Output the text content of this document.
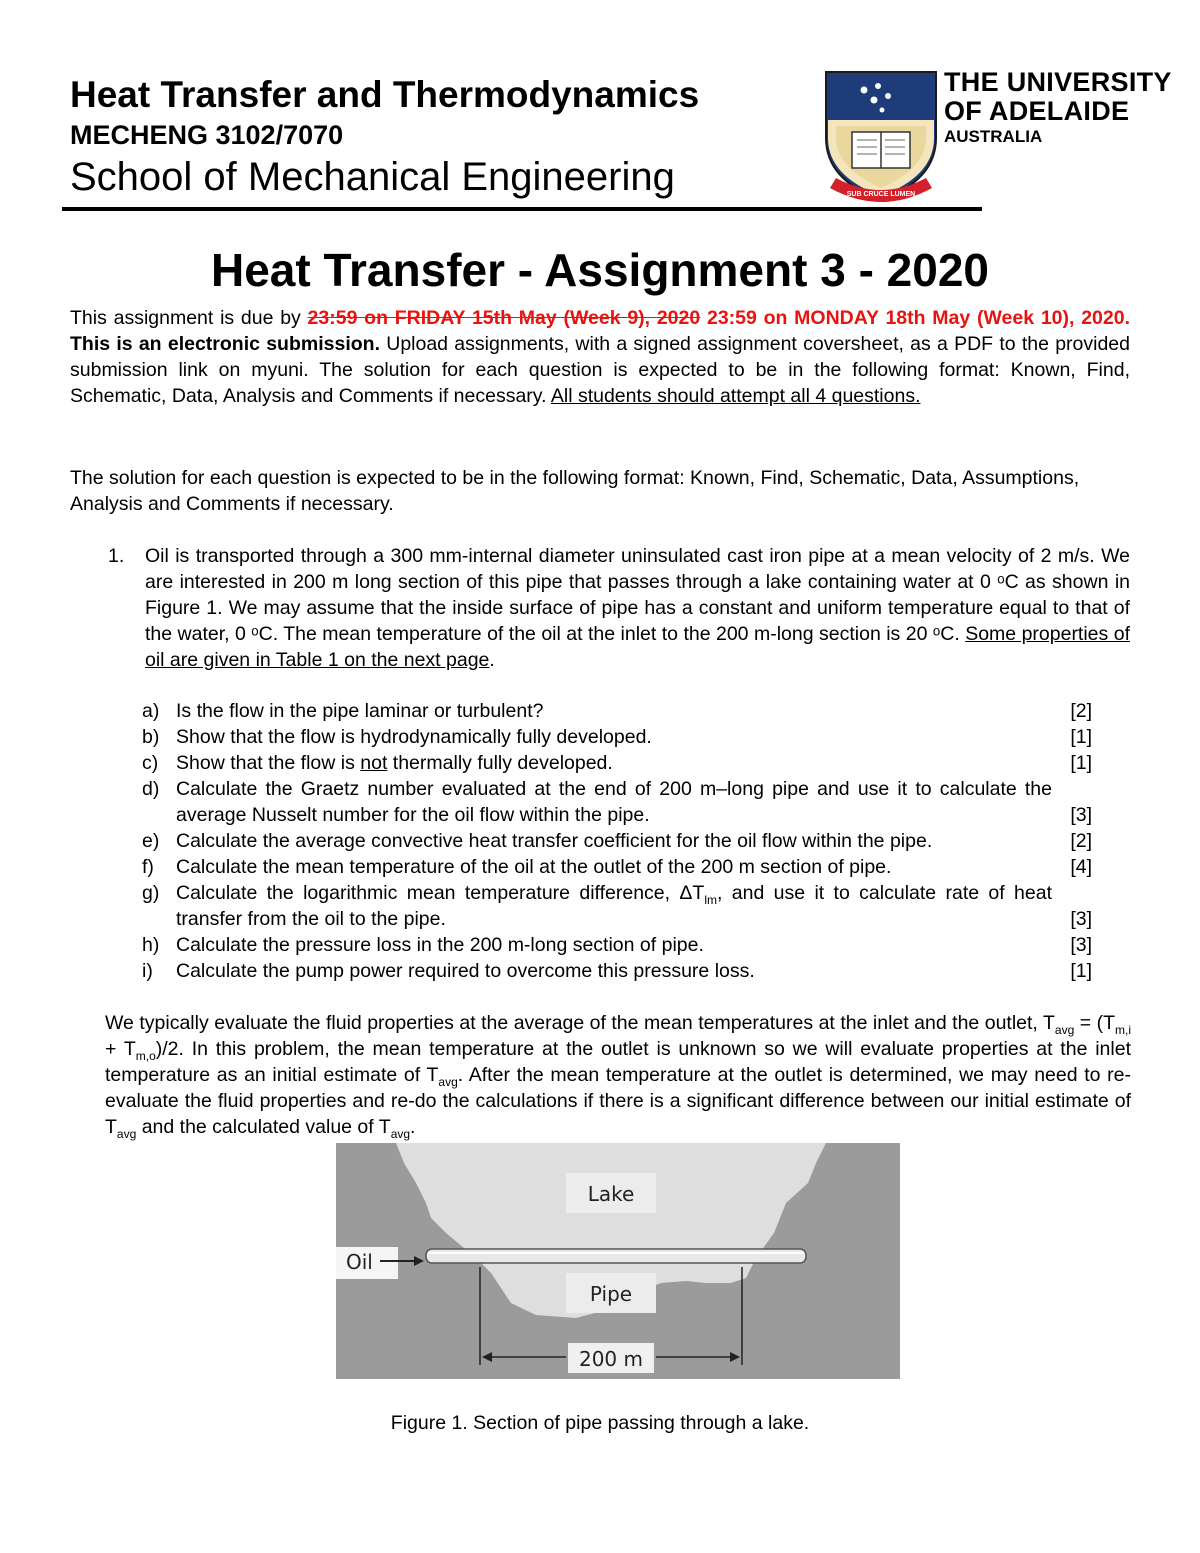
Heat Transfer and Thermodynamics
MECHENG 3102/7070
School of Mechanical Engineering	SUB CRUCE LUMEN
THE UNIVERSITY
OF ADELAIDE
AUSTRALIA
Heat Transfer - Assignment 3 - 2020
This assignment is due by 23:59 on FRIDAY 15th May (Week 9), 2020 23:59 on MONDAY 18th May (Week 10), 2020. This is an electronic submission. Upload assignments, with a signed assignment coversheet, as a PDF to the provided submission link on myuni. The solution for each question is expected to be in the following format: Known, Find, Schematic, Data, Analysis and Comments if necessary. All students should attempt all 4 questions.
The solution for each question is expected to be in the following format: Known, Find, Schematic, Data, Assumptions, Analysis and Comments if necessary.
1. Oil is transported through a 300 mm-internal diameter uninsulated cast iron pipe at a mean velocity of 2 m/s. We are interested in 200 m long section of this pipe that passes through a lake containing water at 0 ᵒC as shown in Figure 1. We may assume that the inside surface of pipe has a constant and uniform temperature equal to that of the water, 0 ᵒC. The mean temperature of the oil at the inlet to the 200 m-long section is 20 ᵒC. Some properties of oil are given in Table 1 on the next page.
a) Is the flow in the pipe laminar or turbulent?	[2]
b) Show that the flow is hydrodynamically fully developed.	[1]
c) Show that the flow is not thermally fully developed.	[1]
d) Calculate the Graetz number evaluated at the end of 200 m–long pipe and use it to calculate the average Nusselt number for the oil flow within the pipe.	[3]
e) Calculate the average convective heat transfer coefficient for the oil flow within the pipe.	[2]
f) Calculate the mean temperature of the oil at the outlet of the 200 m section of pipe.	[4]
g) Calculate the logarithmic mean temperature difference, $\Delta T_{lm}$, and use it to calculate rate of heat transfer from the oil to the pipe.	[3]
h) Calculate the pressure loss in the 200 m-long section of pipe.	[3]
i) Calculate the pump power required to overcome this pressure loss.	[1]
We typically evaluate the fluid properties at the average of the mean temperatures at the inlet and the outlet, $T_{avg} = (T_{m,i} + T_{m,o})/2$. In this problem, the mean temperature at the outlet is unknown so we will evaluate properties at the inlet temperature as an initial estimate of $T_{avg}$. After the mean temperature at the outlet is determined, we may need to re-evaluate the fluid properties and re-do the calculations if there is a significant difference between our initial estimate of $T_{avg}$ and the calculated value of $T_{avg}$.
Lake
Oil
Pipe
200 m
Figure 1. Section of pipe passing through a lake.
